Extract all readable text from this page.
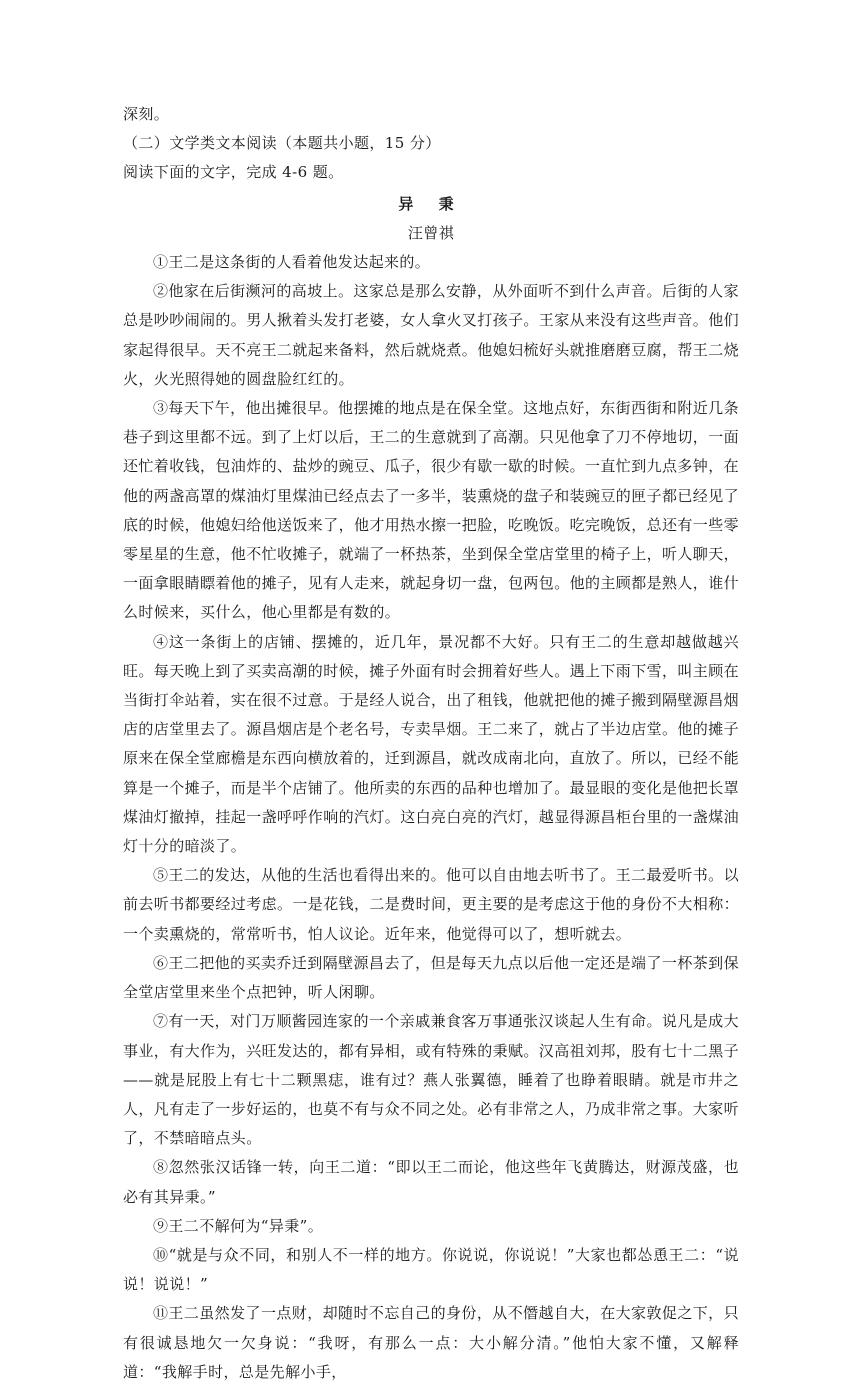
深刻。

（二）文学类文本阅读（本题共小题，15 分）

阅读下面的文字，完成 4-6 题。

异 秉

汪曾祺

①王二是这条街的人看着他发达起来的。

②他家在后街濒河的高坡上。这家总是那么安静，从外面听不到什么声音。后街的人家总是吵吵闹闹的。男人揪着头发打老婆，女人拿火叉打孩子。王家从来没有这些声音。他们家起得很早。天不亮王二就起来备料，然后就烧煮。他媳妇梳好头就推磨磨豆腐，帮王二烧火，火光照得她的圆盘脸红红的。

③每天下午，他出摊很早。他摆摊的地点是在保全堂。这地点好，东街西街和附近几条巷子到这里都不远。到了上灯以后，王二的生意就到了高潮。只见他拿了刀不停地切，一面还忙着收钱，包油炸的、盐炒的豌豆、瓜子，很少有歇一歇的时候。一直忙到九点多钟，在他的两盏高罩的煤油灯里煤油已经点去了一多半，装熏烧的盘子和装豌豆的匣子都已经见了底的时候，他媳妇给他送饭来了，他才用热水擦一把脸，吃晚饭。吃完晚饭，总还有一些零零星星的生意，他不忙收摊子，就端了一杯热茶，坐到保全堂店堂里的椅子上，听人聊天，一面拿眼睛瞟着他的摊子，见有人走来，就起身切一盘，包两包。他的主顾都是熟人，谁什么时候来，买什么，他心里都是有数的。

④这一条街上的店铺、摆摊的，近几年，景况都不大好。只有王二的生意却越做越兴旺。每天晚上到了买卖高潮的时候，摊子外面有时会拥着好些人。遇上下雨下雪，叫主顾在当街打伞站着，实在很不过意。于是经人说合，出了租钱，他就把他的摊子搬到隔壁源昌烟店的店堂里去了。源昌烟店是个老名号，专卖旱烟。王二来了，就占了半边店堂。他的摊子原来在保全堂廊檐是东西向横放着的，迁到源昌，就改成南北向，直放了。所以，已经不能算是一个摊子，而是半个店铺了。他所卖的东西的品种也增加了。最显眼的变化是他把长罩煤油灯撤掉，挂起一盏呼呼作响的汽灯。这白亮白亮的汽灯，越显得源昌柜台里的一盏煤油灯十分的暗淡了。

⑤王二的发达，从他的生活也看得出来的。他可以自由地去听书了。王二最爱听书。以前去听书都要经过考虑。一是花钱，二是费时间，更主要的是考虑这于他的身份不大相称：一个卖熏烧的，常常听书，怕人议论。近年来，他觉得可以了，想听就去。

⑥王二把他的买卖乔迁到隔壁源昌去了，但是每天九点以后他一定还是端了一杯茶到保全堂店堂里来坐个点把钟，听人闲聊。

⑦有一天，对门万顺酱园连家的一个亲戚兼食客万事通张汉谈起人生有命。说凡是成大事业，有大作为，兴旺发达的，都有异相，或有特殊的秉赋。汉高祖刘邦，股有七十二黑子——就是屁股上有七十二颗黑痣，谁有过？燕人张翼德，睡着了也睁着眼睛。就是市井之人，凡有走了一步好运的，也莫不有与众不同之处。必有非常之人，乃成非常之事。大家听了，不禁暗暗点头。

⑧忽然张汉话锋一转，向王二道：“即以王二而论，他这些年飞黄腾达，财源茂盛，也必有其异秉。”

⑨王二不解何为“异秉”。

⑩“就是与众不同，和别人不一样的地方。你说说，你说说！”大家也都怂恿王二：“说说！说说！”

⑪王二虽然发了一点财，却随时不忘自己的身份，从不僭越自大，在大家敦促之下，只有很诚恳地欠一欠身说：“我呀，有那么一点：大小解分清。”他怕大家不懂，又解释道：“我解手时，总是先解小手，
